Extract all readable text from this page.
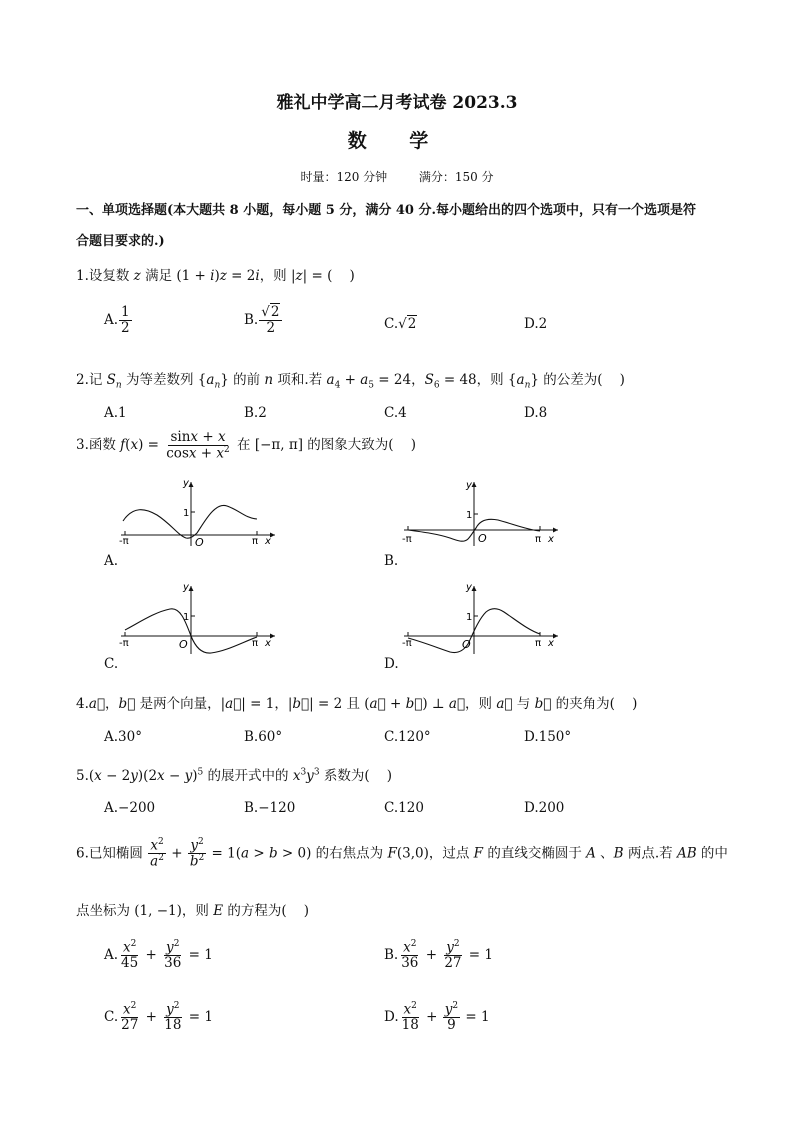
雅礼中学高二月考试卷 2023.3
数 学
时量：120 分钟	满分：150 分
一、单项选择题(本大题共 8 小题，每小题 5 分，满分 40 分.每小题给出的四个选项中，只有一个选项是符
合题目要求的.)
1.设复数 z 满足 (1 + i)z = 2i，则 |z| = (    )
A. $\frac{1}{2}$	B. $\frac{√2}{2}$	C.√2	D.2
2.记 $S_n$ 为等差数列 $\{a_n\}$ 的前 n 项和.若 $a_4 + a_5 = 24$，$S_6 = 48$，则 $\{a_n\}$ 的公差为(    )
A.1	B.2	C.4	D.8
3.函数 $f(x) = \frac{\sin x + x}{\cos x + x^2}$ 在 [−π, π] 的图象大致为(    )
y
1
O
-π	π x
A.
y
1
O
-π	π x
B.
y
1
O
-π	π x
C.
y
1
O
-π	π x
D.
4.a⃗，b⃗ 是两个向量，|a⃗| = 1，|b⃗| = 2 且 (a⃗ + b⃗) ⊥ a⃗，则 a⃗ 与 b⃗ 的夹角为(    )
A.30°	B.60°	C.120°	D.150°
$5.(x - 2y)(2x - y)^5$ 的展开式中的 $x^3y^3$ 系数为(    )
A.−200	B.−120	C.120	D.200
6.已知椭圆 $\frac{x^2}{a^2} + \frac{y^2}{b^2} = 1(a > b > 0)$ 的右焦点为 F(3,0)，过点 F 的直线交椭圆于 A 、B 两点.若 AB 的中
点坐标为 (1, −1)，则 E 的方程为(    )
A. $\frac{x^2}{45} + \frac{y^2}{36} = 1$	B. $\frac{x^2}{36} + \frac{y^2}{27} = 1$
C. $\frac{x^2}{27} + \frac{y^2}{18} = 1$	D. $\frac{x^2}{18} + \frac{y^2}{9} = 1$
